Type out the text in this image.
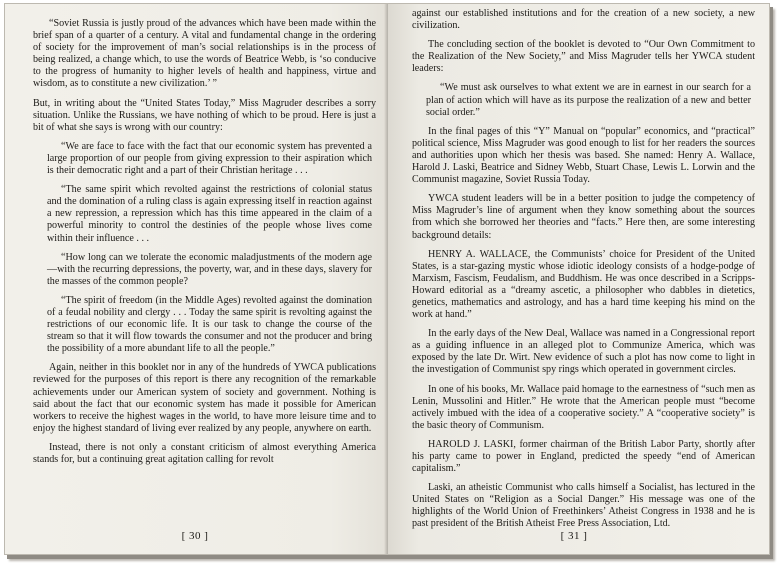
“Soviet Russia is justly proud of the advances which have been made within the brief span of a quarter of a century. A vital and fundamental change in the ordering of society for the improvement of man’s social relationships is in the process of being realized, a change which, to use the words of Beatrice Webb, is ‘so conducive to the progress of humanity to higher levels of health and happiness, virtue and wisdom, as to constitute a new civilization.’ ”

But, in writing about the “United States Today,” Miss Magruder describes a sorry situation. Unlike the Russians, we have nothing of which to be proud. Here is just a bit of what she says is wrong with our country:

“We are face to face with the fact that our economic system has prevented a large proportion of our people from giving expression to their aspiration which is their democratic right and a part of their Christian heritage . . .

“The same spirit which revolted against the restrictions of colonial status and the domination of a ruling class is again expressing itself in reaction against a new repression, a repression which has this time appeared in the claim of a powerful minority to control the destinies of the people whose lives come within their influence . . .

“How long can we tolerate the economic maladjustments of the modern age—with the recurring depressions, the poverty, war, and in these days, slavery for the masses of the common people?

“The spirit of freedom (in the Middle Ages) revolted against the domination of a feudal nobility and clergy . . . Today the same spirit is revolting against the restrictions of our economic life. It is our task to change the course of the stream so that it will flow towards the consumer and not the producer and bring the possibility of a more abundant life to all the people.”

Again, neither in this booklet nor in any of the hundreds of YWCA publications reviewed for the purposes of this report is there any recognition of the remarkable achievements under our American system of society and government. Nothing is said about the fact that our economic system has made it possible for American workers to receive the highest wages in the world, to have more leisure time and to enjoy the highest standard of living ever realized by any people, anywhere on earth.

Instead, there is not only a constant criticism of almost everything America stands for, but a continuing great agitation calling for revolt

[ 30 ]

against our established institutions and for the creation of a new society, a new civilization.

The concluding section of the booklet is devoted to “Our Own Commitment to the Realization of the New Society,” and Miss Magruder tells her YWCA student leaders:

“We must ask ourselves to what extent we are in earnest in our search for a plan of action which will have as its purpose the realization of a new and better social order.”

In the final pages of this “Y” Manual on “popular” economics, and “practical” political science, Miss Magruder was good enough to list for her readers the sources and authorities upon which her thesis was based. She named: Henry A. Wallace, Harold J. Laski, Beatrice and Sidney Webb, Stuart Chase, Lewis L. Lorwin and the Communist magazine, Soviet Russia Today.

YWCA student leaders will be in a better position to judge the competency of Miss Magruder’s line of argument when they know something about the sources from which she borrowed her theories and “facts.” Here then, are some interesting background details:

HENRY A. WALLACE, the Communists’ choice for President of the United States, is a star-gazing mystic whose idiotic ideology consists of a hodge-podge of Marxism, Fascism, Feudalism, and Buddhism. He was once described in a Scripps-Howard editorial as a “dreamy ascetic, a philosopher who dabbles in dietetics, genetics, mathematics and astrology, and has a hard time keeping his mind on the work at hand.”

In the early days of the New Deal, Wallace was named in a Congressional report as a guiding influence in an alleged plot to Communize America, which was exposed by the late Dr. Wirt. New evidence of such a plot has now come to light in the investigation of Communist spy rings which operated in government circles.

In one of his books, Mr. Wallace paid homage to the earnestness of “such men as Lenin, Mussolini and Hitler.” He wrote that the American people must “become actively imbued with the idea of a cooperative society.” A “cooperative society” is the basic theory of Communism.

HAROLD J. LASKI, former chairman of the British Labor Party, shortly after his party came to power in England, predicted the speedy “end of American capitalism.”

Laski, an atheistic Communist who calls himself a Socialist, has lectured in the United States on “Religion as a Social Danger.” His message was one of the highlights of the World Union of Freethinkers’ Atheist Congress in 1938 and he is past president of the British Atheist Free Press Association, Ltd.

[ 31 ]
